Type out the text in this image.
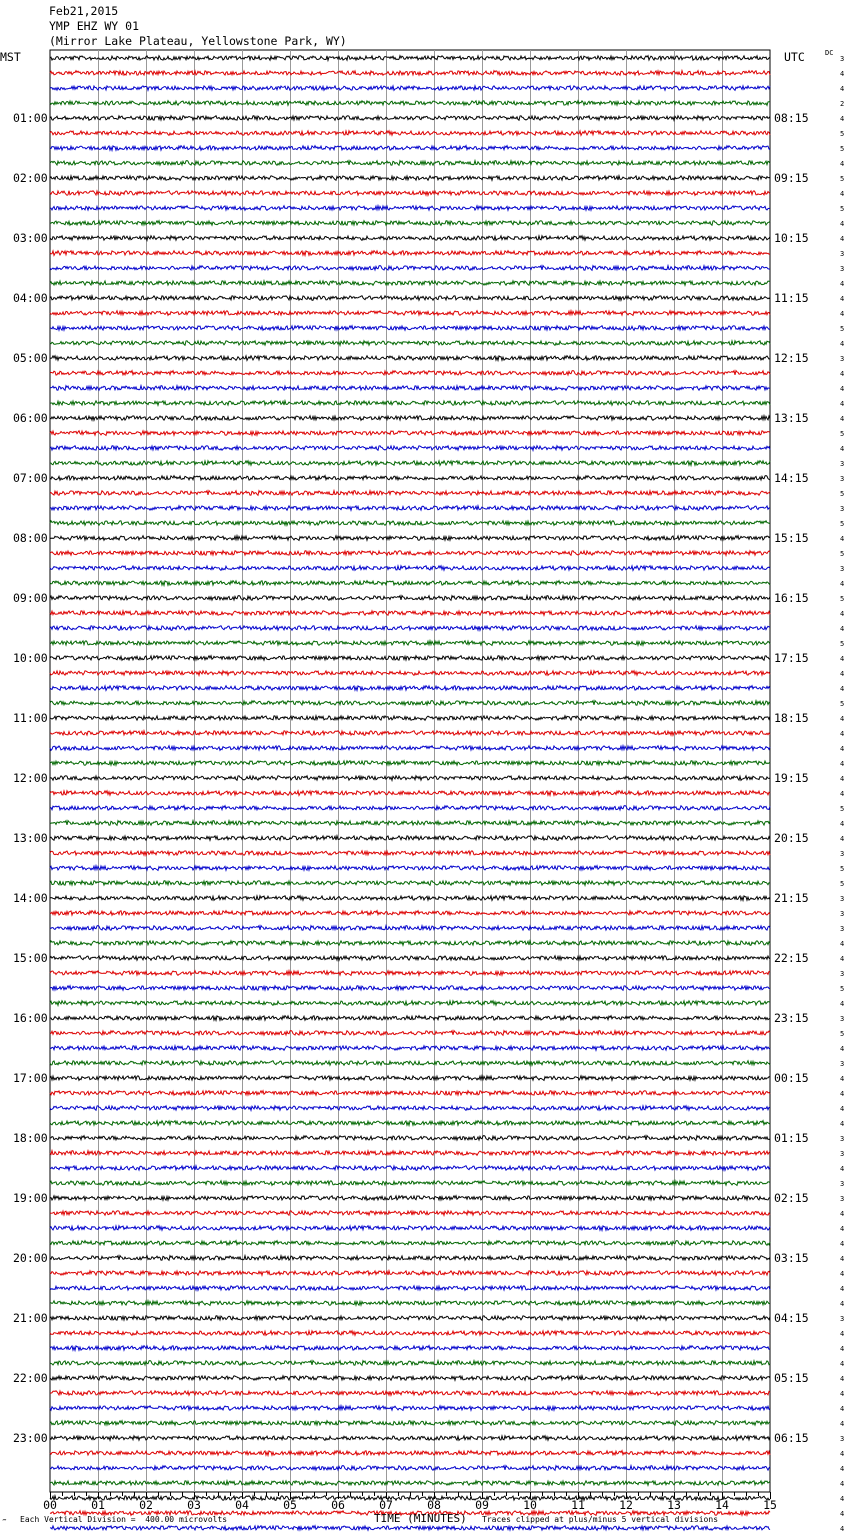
Feb21,2015
YMP EHZ WY 01
(Mirror Lake Plateau, Yellowstone Park, WY)
MST	UTC	DC
01:00
02:00
03:00
04:00
05:00
06:00
07:00
08:00
09:00
10:00
11:00
12:00
13:00
14:00
15:00
16:00
17:00
18:00
19:00
20:00
21:00
22:00
23:00
08:15
09:15
10:15
11:15
12:15
13:15
14:15
15:15
16:15
17:15
18:15
19:15
20:15
21:15
22:15
23:15
00:15
01:15
02:15
03:15
04:15
05:15
06:15
3
4
4
2
4
5
5
4
5
4
5
4
4
3
3
4
4
4
5
4
3
4
4
4
4
5
4
3
3
5
3
5
4
5
3
4
5
4
4
5
4
4
4
5
4
4
4
4
4
4
5
4
4
3
5
5
3
3
3
4
4
3
5
4
3
5
4
3
4
4
4
4
3
3
4
3
3
4
4
4
4
4
4
4
3
4
4
4
4
4
4
4
3
4
4
4
4
4
4
00	01	02	03	04	05	06	07	08	09	10	11	12	13	14	15
‴ Each Vertical Division =  400.00 microvolts	TIME (MINUTES) Traces clipped at plus/minus 5 vertical divisions
